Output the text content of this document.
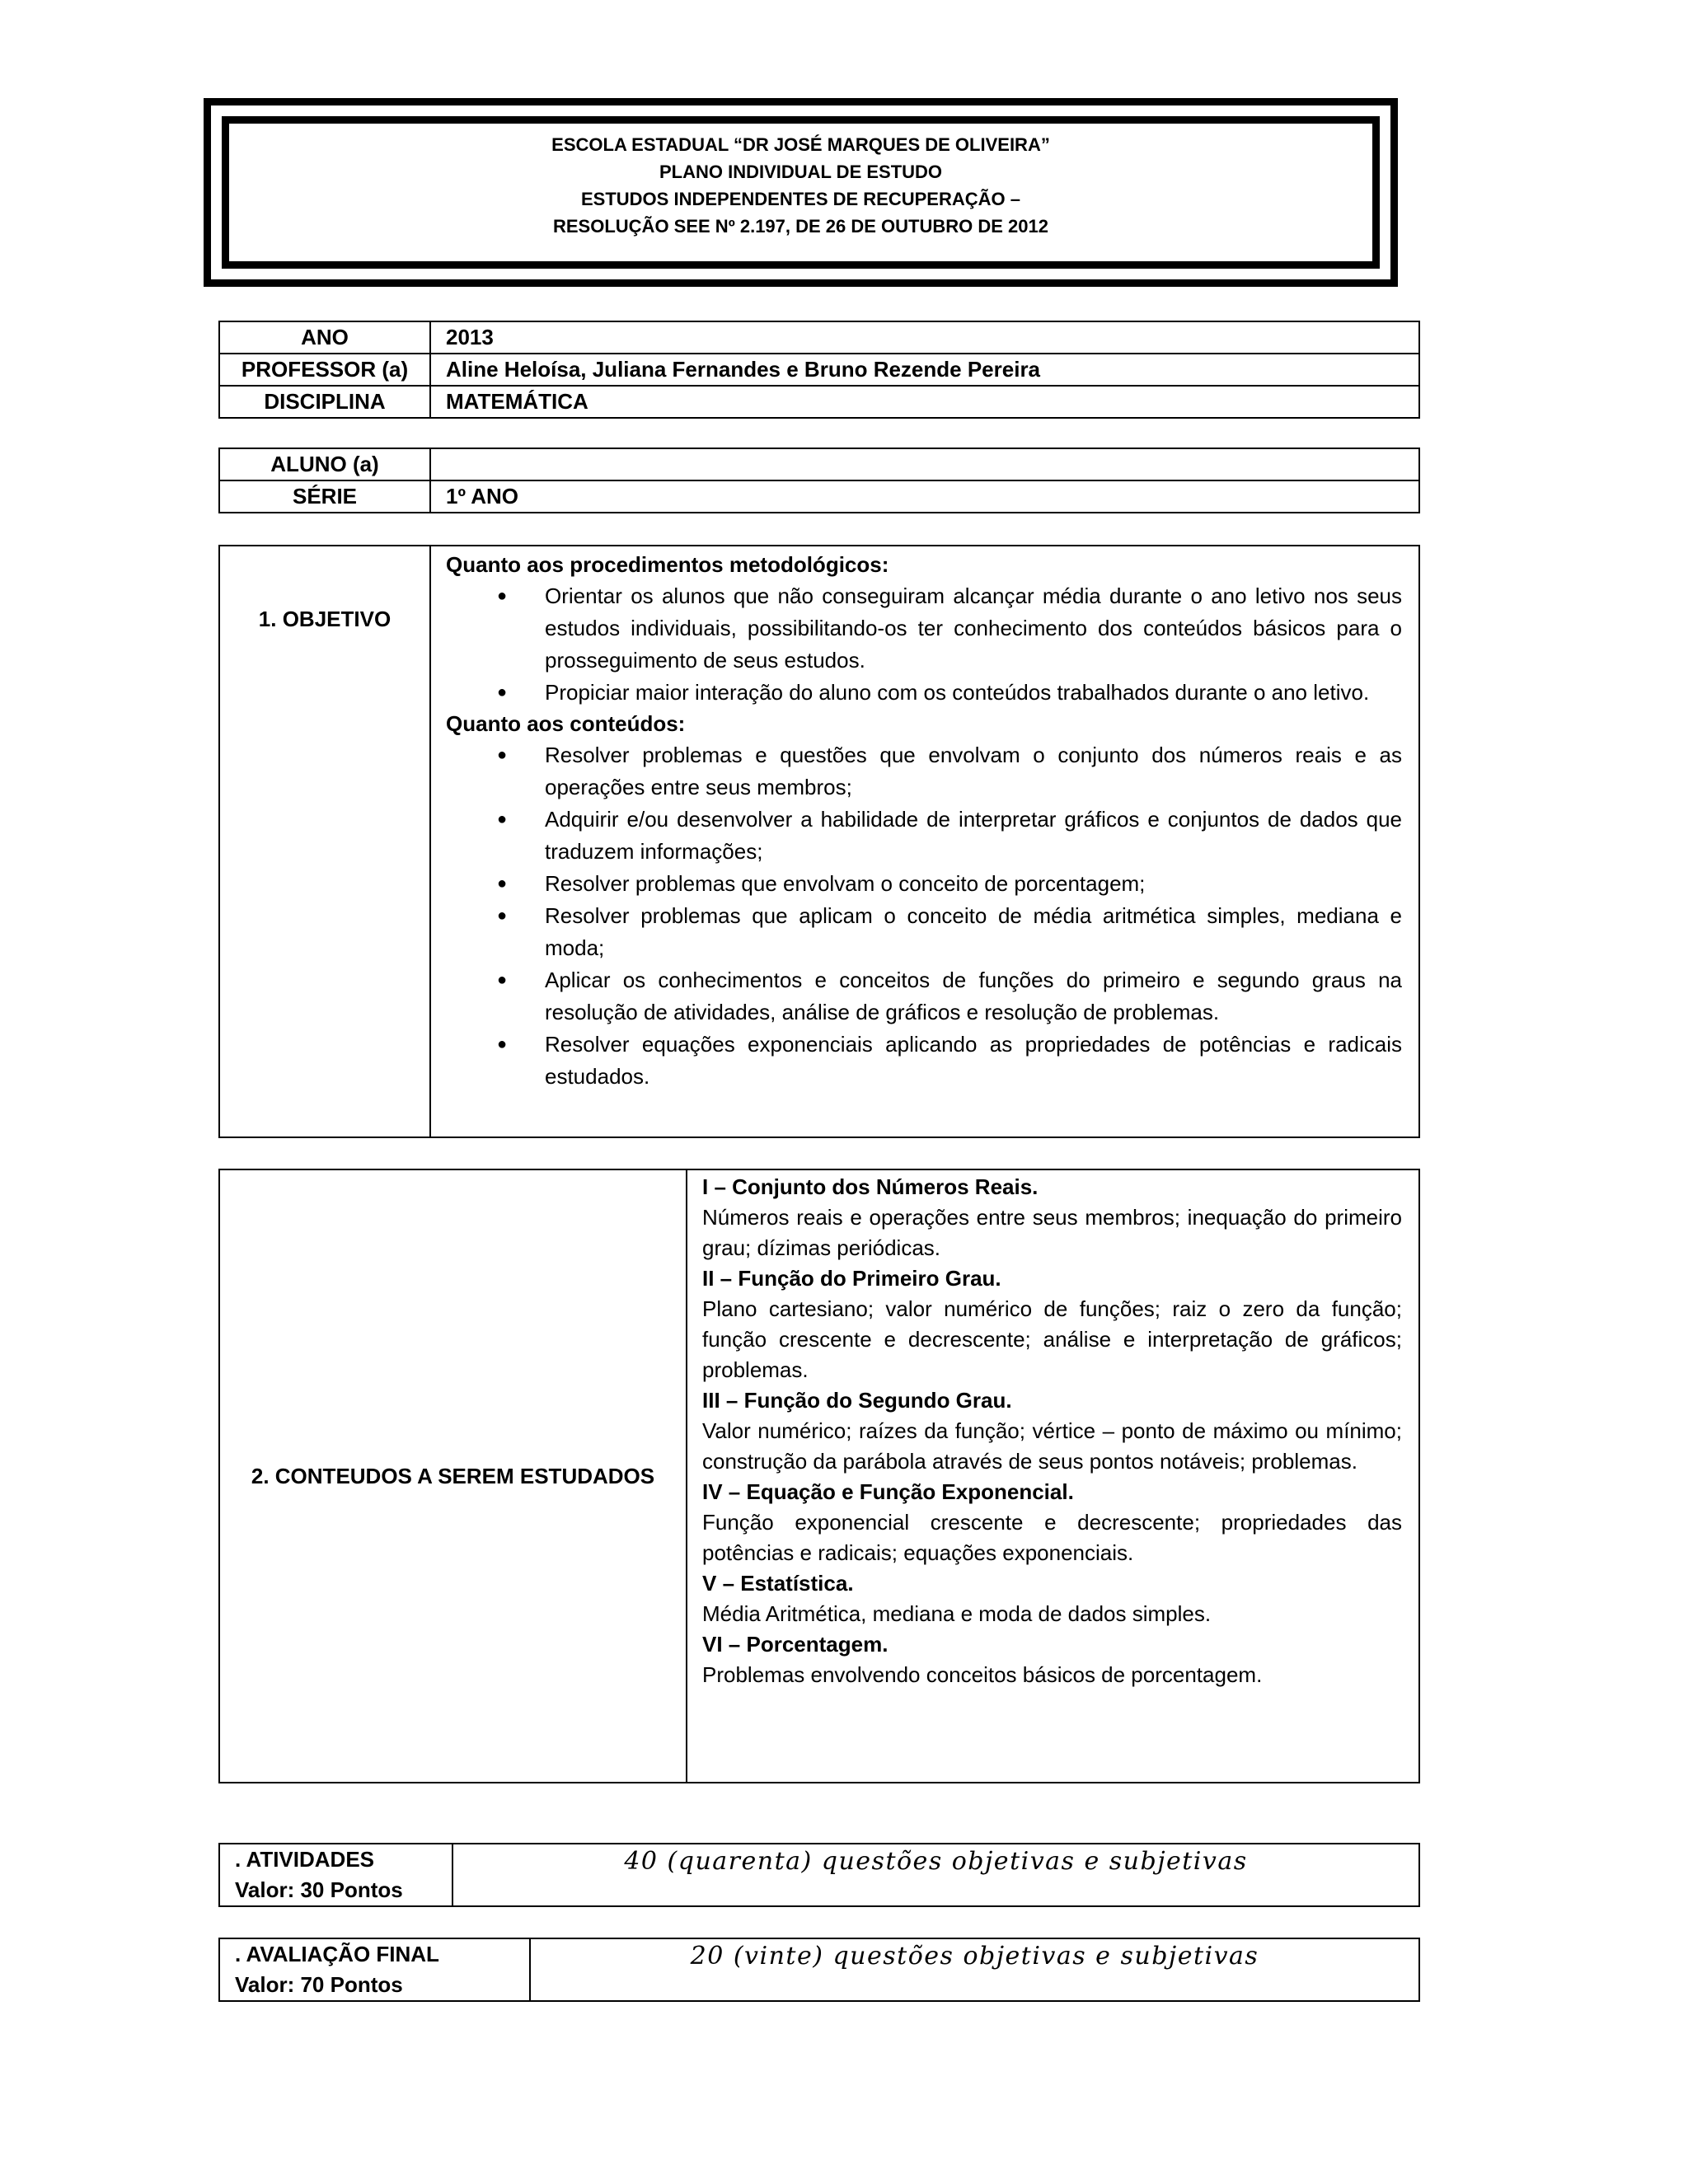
ESCOLA ESTADUAL “DR JOSÉ MARQUES DE OLIVEIRA”
PLANO INDIVIDUAL DE ESTUDO
ESTUDOS INDEPENDENTES DE RECUPERAÇÃO –
RESOLUÇÃO SEE Nº 2.197, DE 26 DE OUTUBRO DE 2012
ANO	2013
PROFESSOR (a)	Aline Heloísa, Juliana Fernandes e Bruno Rezende Pereira
DISCIPLINA	MATEMÁTICA
ALUNO (a)	
SÉRIE	1º ANO
1. OBJETIVO	
Quanto aos procedimentos metodológicos:
● Orientar os alunos que não conseguiram alcançar média durante o ano letivo nos seus estudos individuais, possibilitando-os ter conhecimento dos conteúdos básicos para o prosseguimento de seus estudos.
● Propiciar maior interação do aluno com os conteúdos trabalhados durante o ano letivo.
Quanto aos conteúdos:
● Resolver problemas e questões que envolvam o conjunto dos números reais e as operações entre seus membros;
● Adquirir e/ou desenvolver a habilidade de interpretar gráficos e conjuntos de dados que traduzem informações;
● Resolver problemas que envolvam o conceito de porcentagem;
● Resolver problemas que aplicam o conceito de média aritmética simples, mediana e moda;
● Aplicar os conhecimentos e conceitos de funções do primeiro e segundo graus na resolução de atividades, análise de gráficos e resolução de problemas.
● Resolver equações exponenciais aplicando as propriedades de potências e radicais estudados.
2. CONTEUDOS A SEREM ESTUDADOS	

I – Conjunto dos Números Reais.

Números reais e operações entre seus membros; inequação do primeiro grau; dízimas periódicas.

II – Função do Primeiro Grau.

Plano cartesiano; valor numérico de funções; raiz o zero da função; função crescente e decrescente; análise e interpretação de gráficos; problemas.

III – Função do Segundo Grau.

Valor numérico; raízes da função; vértice – ponto de máximo ou mínimo; construção da parábola através de seus pontos notáveis; problemas.

IV – Equação e Função Exponencial.

Função exponencial crescente e decrescente; propriedades das potências e radicais; equações exponenciais.

V – Estatística.

Média Aritmética, mediana e moda de dados simples.

VI – Porcentagem.

Problemas envolvendo conceitos básicos de porcentagem.

. ATIVIDADES
Valor: 30 Pontos
	40 (quarenta) questões objetivas e subjetivas
. AVALIAÇÃO FINAL
Valor: 70 Pontos
	20 (vinte) questões objetivas e subjetivas
